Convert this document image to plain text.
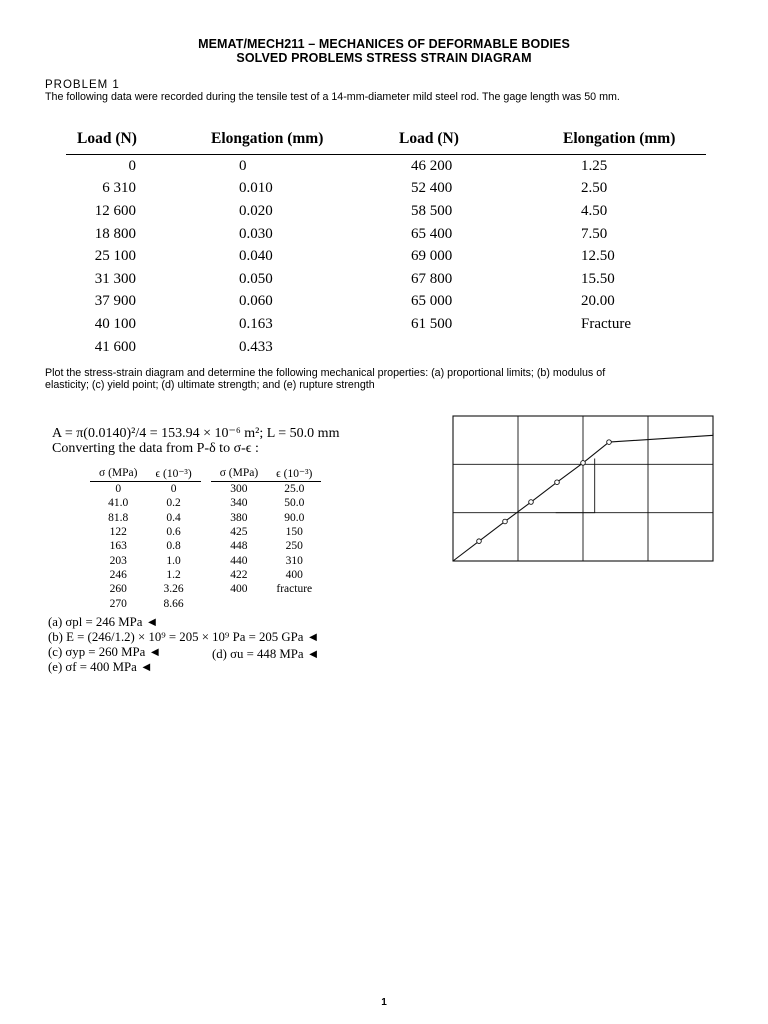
MEMAT/MECH211 – MECHANICES OF DEFORMABLE BODIES
SOLVED PROBLEMS STRESS STRAIN DIAGRAM
PROBLEM 1
The following data were recorded during the tensile test of a 14-mm-diameter mild steel rod. The gage length was 50 mm.
Load (N)	Elongation (mm)	Load (N)	Elongation (mm)
0	0	46 200	1.25
6 310	0.010	52 400	2.50
12 600	0.020	58 500	4.50
18 800	0.030	65 400	7.50
25 100	0.040	69 000	12.50
31 300	0.050	67 800	15.50
37 900	0.060	65 000	20.00
40 100	0.163	61 500	Fracture
41 600	0.433		
Plot the stress-strain diagram and determine the following mechanical properties: (a) proportional limits; (b) modulus of
elasticity; (c) yield point; (d) ultimate strength; and (e) rupture strength
A = π(0.0140)²/4 = 153.94 × 10⁻⁶ m²; L = 50.0 mm
Converting the data from P-δ to σ-ϵ :
σ (MPa)	ϵ (10⁻³)		σ (MPa)	ϵ (10⁻³)
0	0		300	25.0
41.0	0.2		340	50.0
81.8	0.4		380	90.0
122	0.6		425	150
163	0.8		448	250
203	1.0		440	310
246	1.2		422	400
260	3.26		400	fracture
270	8.66			
(a) σpl = 246 MPa ◄
(b) E = (246/1.2) × 10⁹ = 205 × 10⁹ Pa = 205 GPa ◄
(c) σyp = 260 MPa ◄	(d) σu = 448 MPa ◄
(e) σf = 400 MPa ◄
1
